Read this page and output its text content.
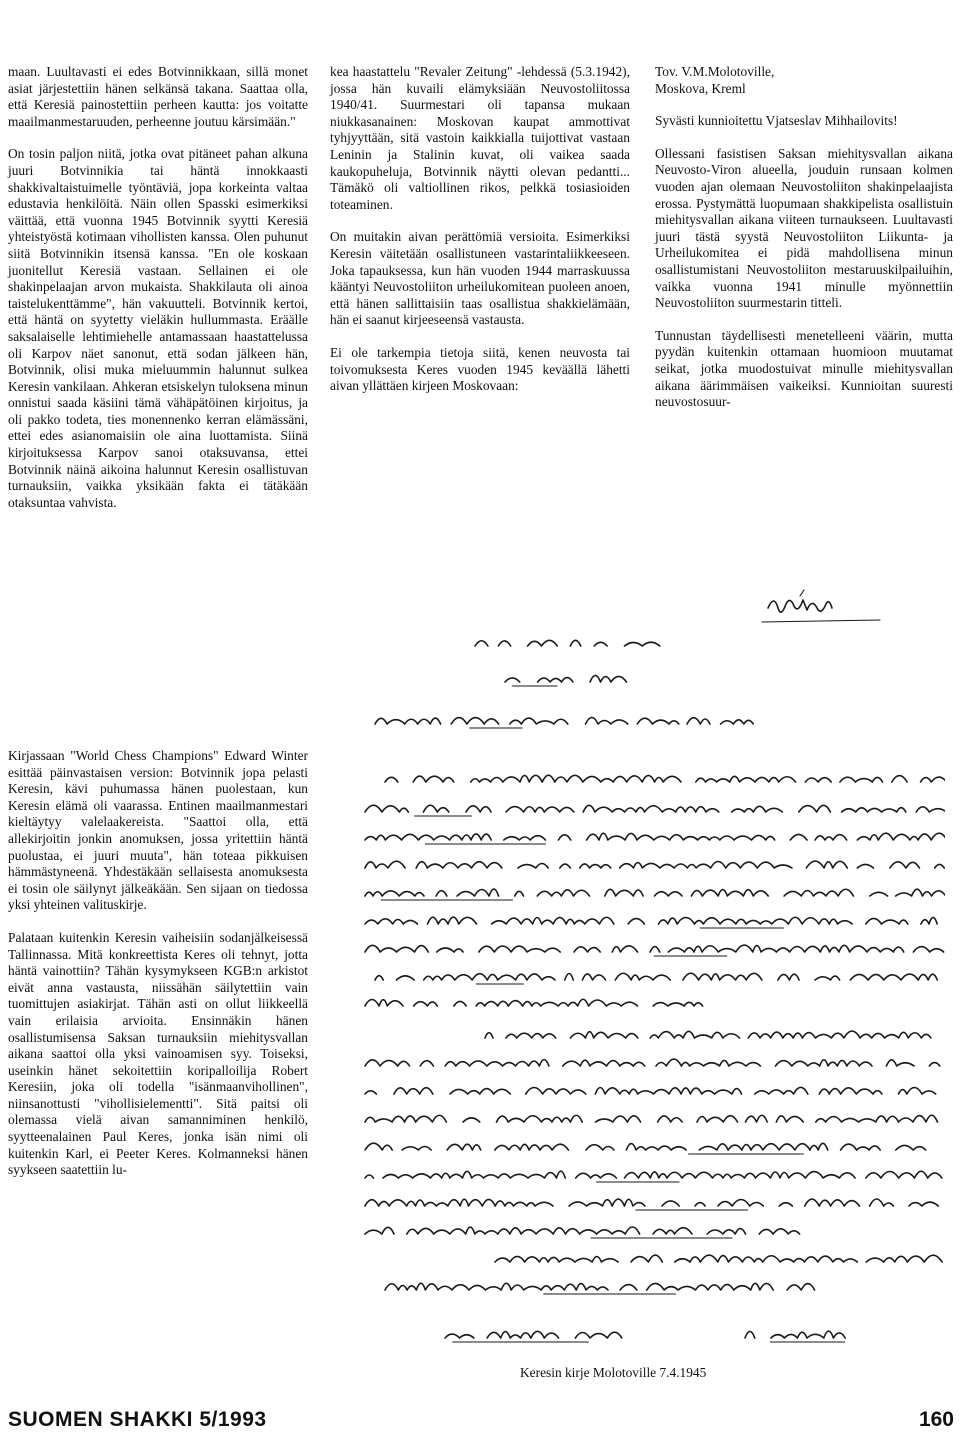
maan. Luultavasti ei edes Botvinnikkaan, sillä monet asiat järjestettiin hänen selkänsä takana. Saattaa olla, että Keresiä painostettiin perheen kautta: jos voitatte maailmanmestaruuden, perheenne joutuu kärsimään."

On tosin paljon niitä, jotka ovat pitäneet pahan alkuna juuri Botvinnikia tai häntä innokkaasti shakkivaltaistuimelle työntäviä, jopa korkeinta valtaa edustavia henkilöitä. Näin ollen Spasski esimerkiksi väittää, että vuonna 1945 Botvinnik syytti Keresiä yhteistyöstä kotimaan vihollisten kanssa. Olen puhunut siitä Botvinnikin itsensä kanssa. "En ole koskaan juonitellut Keresiä vastaan. Sellainen ei ole shakinpelaajan arvon mukaista. Shakkilauta oli ainoa taistelukenttämme", hän vakuutteli. Botvinnik kertoi, että häntä on syytetty vieläkin hullummasta. Eräälle saksalaiselle lehtimiehelle antamassaan haastattelussa oli Karpov näet sanonut, että sodan jälkeen hän, Botvinnik, olisi mukа mieluummin halunnut sulkea Keresin vankilaan. Ahkeran etsiskelyn tuloksena minun onnistui saada käsiini tämä vähäpätöinen kirjoitus, ja oli pakko todeta, ties monennenko kerran elämässäni, ettei edes asianomaisiin ole aina luottamista. Siinä kirjoituksessa Karpov sanoi otaksuvansa, ettei Botvinnik näinä aikoina halunnut Keresin osallistuvan turnauksiin, vaikka yksikään fakta ei tätäkään otaksuntaa vahvista.

Kirjassaan "World Chess Champions" Edward Winter esittää päinvastaisen version: Botvinnik jopa pelasti Keresin, kävi puhumassa hänen puolestaan, kun Keresin elämä oli vaarassa. Entinen maailmanmestari kieltäytyy valelaakereista. "Saattoi olla, että allekirjoitin jonkin anomuksen, jossa yritettiin häntä puolustaa, ei juuri muuta", hän toteaa pikkuisen hämmästyneenä. Yhdestäkään sellaisesta anomuksesta ei tosin ole säilynyt jälkeäkään. Sen sijaan on tiedossa yksi yhteinen valituskirje.

Palataan kuitenkin Keresin vaiheisiin sodanjälkeisessä Tallinnassa. Mitä konkreettista Keres oli tehnyt, jotta häntä vainottiin? Tähän kysymykseen KGB:n arkistot eivät anna vastausta, niissähän säilytettiin vain tuomittujen asiakirjat. Tähän asti on ollut liikkeellä vain erilaisia arvioita. Ensinnäkin hänen osallistumisensa Saksan turnauksiin miehitysvallan aikana saattoi olla yksi vainoamisen syy. Toiseksi, useinkin hänet sekoitettiin koripalloilija Robert Keresiin, joka oli todella "isänmaanvihollinen", niinsanottusti "vihollisielementti". Sitä paitsi oli olemassa vielä aivan samanniminen henkilö, syytteenalainen Paul Keres, jonka isän nimi oli kuitenkin Karl, ei Peeter Keres. Kolmanneksi hänen syykseen saatettiin lu-

kea haastattelu "Revaler Zeitung" -lehdessä (5.3.1942), jossa hän kuvaili elämyksiään Neuvostoliitossa 1940/41. Suurmestari oli tapansa mukaan niukkasanainen: Moskovan kaupat ammottivat tyhjyyttään, sitä vastoin kaikkialla tuijottivat vastaan Leninin ja Stalinin kuvat, oli vaikea saada kaukopuheluja, Botvinnik näytti olevan pedantti... Tämäkö oli valtiollinen rikos, pelkkä tosiasioiden toteaminen.

On muitakin aivan perättömiä versioita. Esimerkiksi Keresin väitetään osallistuneen vastarintaliikkeeseen. Joka tapauksessa, kun hän vuoden 1944 marraskuussa kääntyi Neuvostoliiton urheilukomitean puoleen anoen, että hänen sallittaisiin taas osallistua shakkielämään, hän ei saanut kirjeeseensä vastausta.

Ei ole tarkempia tietoja siitä, kenen neuvosta tai toivomuksesta Keres vuoden 1945 keväällä lähetti aivan yllättäen kirjeen Moskovaan:

Tov. V.M.Molotoville,
Moskova, Kreml

Syvästi kunnioitettu Vjatseslav Mihhailovits!

Ollessani fasistisen Saksan miehitysvallan aikana Neuvosto-Viron alueella, jouduin runsaan kolmen vuoden ajan olemaan Neuvostoliiton shakinpelaajista erossa. Pystymättä luopumaan shakkipelista osallistuin miehitysvallan aikana viiteen turnaukseen. Luultavasti juuri tästä syystä Neuvostoliiton Liikunta- ja Urheilukomitea ei pidä mahdollisena minun osallistumistani Neuvostoliiton mestaruuskilpailuihin, vaikka vuonna 1941 minulle myönnettiin Neuvostoliiton suurmestarin titteli.

Tunnustan täydellisesti menetelleeni väärin, mutta pyydän kuitenkin ottamaan huomioon muutamat seikat, jotka muodostuivat minulle miehitysvallan aikana äärimmäisen vaikeiksi. Kunnioitan suuresti neuvostosuur-

Keresin kirje Molotoville 7.4.1945
SUOMEN SHAKKI 5/1993	160
